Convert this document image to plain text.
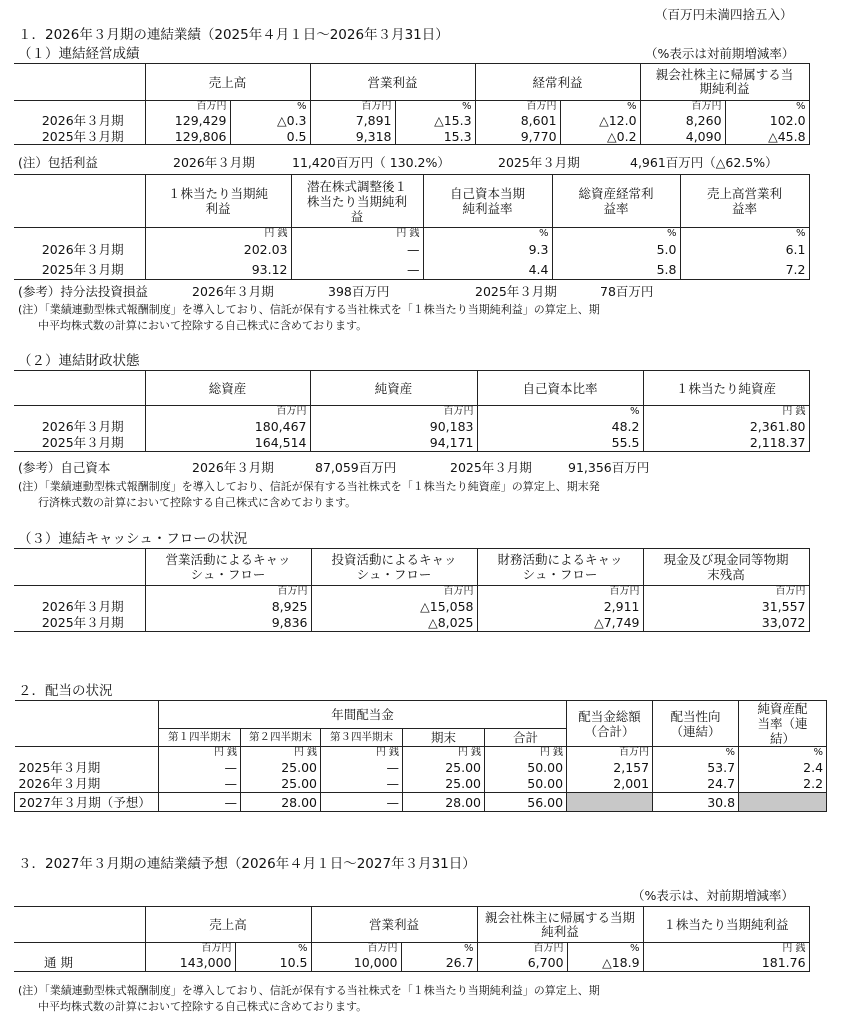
（百万円未満四捨五入）
１．2026年３月期の連結業績（2025年４月１日～2026年３月31日）
（１）連結経営成績	（%表示は対前期増減率）
	売上高		営業利益		経常利益		親会社株主に帰属する当期純利益	
	百万円	%	百万円	%	百万円	%	百万円	%
2026年３月期	129,429	△0.3	7,891	△15.3	8,601	△12.0	8,260	102.0
2025年３月期	129,806	0.5	9,318	15.3	9,770	△0.2	4,090	△45.8
(注）包括利益	2026年３月期	11,420百万円（ 130.2%）	2025年３月期	4,961百万円（△62.5%）
	１株当たり当期純利益	潜在株式調整後１株当たり当期純利益	自己資本当期純利益率	総資産経常利益率	売上高営業利益率
	円 銭	円 銭	%	%	%
2026年３月期	202.03	—	9.3	5.0	6.1
2025年３月期	93.12	—	4.4	5.8	7.2
(参考）持分法投資損益	2026年３月期	398百万円	2025年３月期	78百万円
(注）「業績連動型株式報酬制度」を導入しており、信託が保有する当社株式を「１株当たり当期純利益」の算定上、期
中平均株式数の計算において控除する自己株式に含めております。
（２）連結財政状態
	総資産	純資産	自己資本比率	１株当たり純資産
	百万円	百万円	%	円 銭
2026年３月期	180,467	90,183	48.2	2,361.80
2025年３月期	164,514	94,171	55.5	2,118.37
(参考）自己資本	2026年３月期	87,059百万円	2025年３月期	91,356百万円
(注）「業績連動型株式報酬制度」を導入しており、信託が保有する当社株式を「１株当たり純資産」の算定上、期末発
行済株式数の計算において控除する自己株式に含めております。
（３）連結キャッシュ・フローの状況
	営業活動によるキャッシュ・フロー	投資活動によるキャッシュ・フロー	財務活動によるキャッシュ・フロー	現金及び現金同等物期末残高
	百万円	百万円	百万円	百万円
2026年３月期	8,925	△15,058	2,911	31,557
2025年３月期	9,836	△8,025	△7,749	33,072
２．配当の状況
	年間配当金					配当金総額（合計）	配当性向（連結）	純資産配当率（連結）
	第１四半期末	第２四半期末	第３四半期末	期末	合計			
	円 銭	円 銭	円 銭	円 銭	円 銭	百万円	%	%
2025年３月期	—	25.00	—	25.00	50.00	2,157	53.7	2.4
2026年３月期	—	25.00	—	25.00	50.00	2,001	24.7	2.2
2027年３月期（予想）	—	28.00	—	28.00	56.00		30.8	
３．2027年３月期の連結業績予想（2026年４月１日～2027年３月31日）
（%表示は、対前期増減率）
	売上高		営業利益		親会社株主に帰属する当期純利益		１株当たり当期純利益
	百万円	%	百万円	%	百万円	%	円 銭
通 期	143,000	10.5	10,000	26.7	6,700	△18.9	181.76
(注）「業績連動型株式報酬制度」を導入しており、信託が保有する当社株式を「１株当たり当期純利益」の算定上、期
中平均株式数の計算において控除する自己株式に含めております。
